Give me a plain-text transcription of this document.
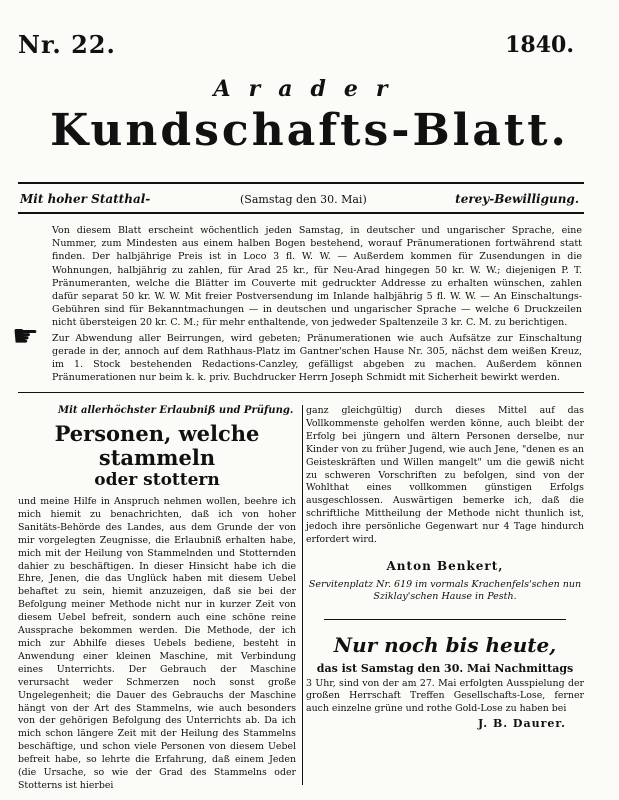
Nr. 22.	1840.
Arader
Kundschafts-Blatt.
Mit hoher Statthal-	(Samstag den 30. Mai)	terey-Bewilligung.

Von diesem Blatt erscheint wöchentlich jeden Samstag, in deutscher und ungarischer Sprache, eine Nummer, zum Mindesten aus einem halben Bogen bestehend, worauf Pränumerationen fortwährend statt finden. Der halbjährige Preis ist in Loco 3 fl. W. W. — Außerdem kommen für Zusendungen in die Wohnungen, halbjährig zu zahlen, für Arad 25 kr., für Neu-Arad hingegen 50 kr. W. W.; diejenigen P. T. Pränumeranten, welche die Blätter im Couverte mit gedruckter Addresse zu erhalten wünschen, zahlen dafür separat 50 kr. W. W. Mit freier Postversendung im Inlande halbjährig 5 fl. W. W. — An Einschaltungs-Gebühren sind für Bekanntmachungen — in deutschen und ungarischer Sprache — welche 6 Druckzeilen nicht übersteigen 20 kr. C. M.; für mehr enthaltende, von jedweder Spaltenzeile 3 kr. C. M. zu berichtigen.

Zur Abwendung aller Beirrungen, wird gebeten; Pränumerationen wie auch Aufsätze zur Einschaltung gerade in der, annoch auf dem Rathhaus-Platz im Gantner'schen Hause Nr. 305, nächst dem weißen Kreuz, im 1. Stock bestehenden Redactions-Canzley, gefälligst abgeben zu machen. Außerdem können Pränumerationen nur beim k. k. priv. Buchdrucker Herrn Joseph Schmidt mit Sicherheit bewirkt werden.

☛
Mit allerhöchster Erlaubniß und Prüfung.
Personen, welche stammeln
oder stottern

und meine Hilfe in Anspruch nehmen wollen, beehre ich mich hiemit zu benachrichten, daß ich von hoher Sanitäts-Behörde des Landes, aus dem Grunde der von mir vorgelegten Zeugnisse, die Erlaubniß erhalten habe, mich mit der Heilung von Stammelnden und Stotternden dahier zu beschäftigen. In dieser Hinsicht habe ich die Ehre, Jenen, die das Unglück haben mit diesem Uebel behaftet zu sein, hiemit anzuzeigen, daß sie bei der Befolgung meiner Methode nicht nur in kurzer Zeit von diesem Uebel befreit, sondern auch eine schöne reine Aussprache bekommen werden. Die Methode, der ich mich zur Abhilfe dieses Uebels bediene, besteht in Anwendung einer kleinen Maschine, mit Verbindung eines Unterrichts. Der Gebrauch der Maschine verursacht weder Schmerzen noch sonst große Ungelegenheit; die Dauer des Gebrauchs der Maschine hängt von der Art des Stammelns, wie auch besonders von der gehörigen Befolgung des Unterrichts ab. Da ich mich schon längere Zeit mit der Heilung des Stammelns beschäftige, und schon viele Personen von diesem Uebel befreit habe, so lehrte die Erfahrung, daß einem Jeden (die Ursache, so wie der Grad des Stammelns oder Stotterns ist hierbei

ganz gleichgültig) durch dieses Mittel auf das Vollkommenste geholfen werden könne, auch bleibt der Erfolg bei jüngern und ältern Personen derselbe, nur Kinder von zu früher Jugend, wie auch Jene, "denen es an Geisteskräften und Willen mangelt" um die gewiß nicht zu schweren Vorschriften zu befolgen, sind von der Wohlthat eines vollkommen günstigen Erfolgs ausgeschlossen. Auswärtigen bemerke ich, daß die schriftliche Mittheilung der Methode nicht thunlich ist, jedoch ihre persönliche Gegenwart nur 4 Tage hindurch erfordert wird.

Anton Benkert,
Servitenplatz Nr. 619 im vormals Krachenfels'schen nun Sziklay'schen Hause in Pesth.
Nur noch bis heute,
das ist Samstag den 30. Mai Nachmittags
3 Uhr, sind von der am 27. Mai erfolgten Ausspielung der großen Herrschaft Treffen Gesellschafts-Lose, ferner auch einzelne grüne und rothe Gold-Lose zu haben bei
J. B. Daurer.
